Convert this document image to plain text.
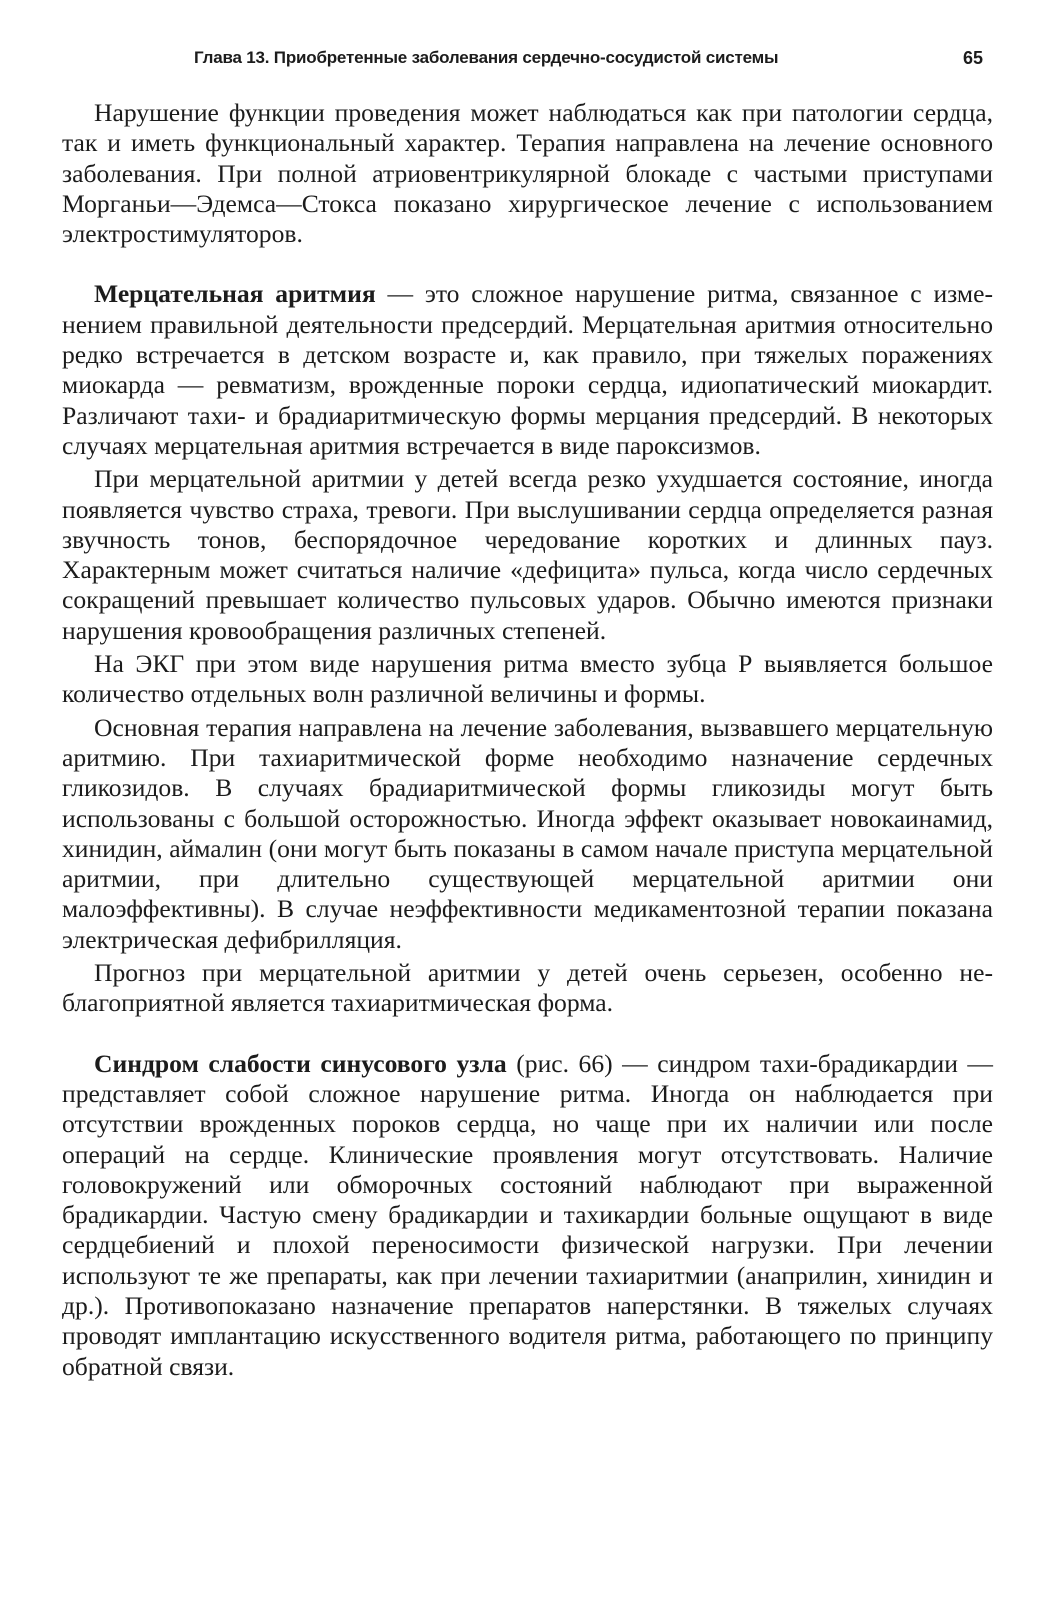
Глава 13. Приобретенные заболевания сердечно-сосудистой системы	65

Нарушение функции проведения может наблюдаться как при патологии сердца, так и иметь функциональный характер. Терапия направлена на лечение основного заболевания. При полной атриовентрикулярной блокаде с частыми приступами Морганьи—Эдемса—Стокса показано хирургическое лечение с использованием электростимуляторов.

Мерцательная аритмия — это сложное нарушение ритма, связанное с изменением правильной деятельности предсердий. Мерцательная аритмия относительно редко встречается в детском возрасте и, как правило, при тяжелых поражениях миокарда — ревматизм, врожденные пороки сердца, идиопатический миокардит. Различают тахи- и брадиаритмическую формы мерцания предсердий. В некоторых случаях мерцательная аритмия встречается в виде пароксизмов.

При мерцательной аритмии у детей всегда резко ухудшается состояние, иногда появляется чувство страха, тревоги. При выслушивании сердца определяется разная звучность тонов, беспорядочное чередование коротких и длинных пауз. Характерным может считаться наличие «дефицита» пульса, когда число сердечных сокращений превышает количество пульсовых ударов. Обычно имеются признаки нарушения кровообращения различных степеней.

На ЭКГ при этом виде нарушения ритма вместо зубца Р выявляется большое количество отдельных волн различной величины и формы.

Основная терапия направлена на лечение заболевания, вызвавшего мерцательную аритмию. При тахиаритмической форме необходимо назначение сердечных гликозидов. В случаях брадиаритмической формы гликозиды могут быть использованы с большой осторожностью. Иногда эффект оказывает новокаинамид, хинидин, аймалин (они могут быть показаны в самом начале приступа мерцательной аритмии, при длительно существующей мерцательной аритмии они малоэффективны). В случае неэффективности медикаментозной терапии показана электрическая дефибрилляция.

Прогноз при мерцательной аритмии у детей очень серьезен, особенно неблагоприятной является тахиаритмическая форма.

Синдром слабости синусового узла (рис. 66) — синдром тахи-брадикардии — представляет собой сложное нарушение ритма. Иногда он наблюдается при отсутствии врожденных пороков сердца, но чаще при их наличии или после операций на сердце. Клинические проявления могут отсутствовать. Наличие головокружений или обморочных состояний наблюдают при выраженной брадикардии. Частую смену брадикардии и тахикардии больные ощущают в виде сердцебиений и плохой переносимости физической нагрузки. При лечении используют те же препараты, как при лечении тахиаритмии (анаприлин, хинидин и др.). Противопоказано назначение препаратов наперстянки. В тяжелых случаях проводят имплантацию искусственного водителя ритма, работающего по принципу обратной связи.
